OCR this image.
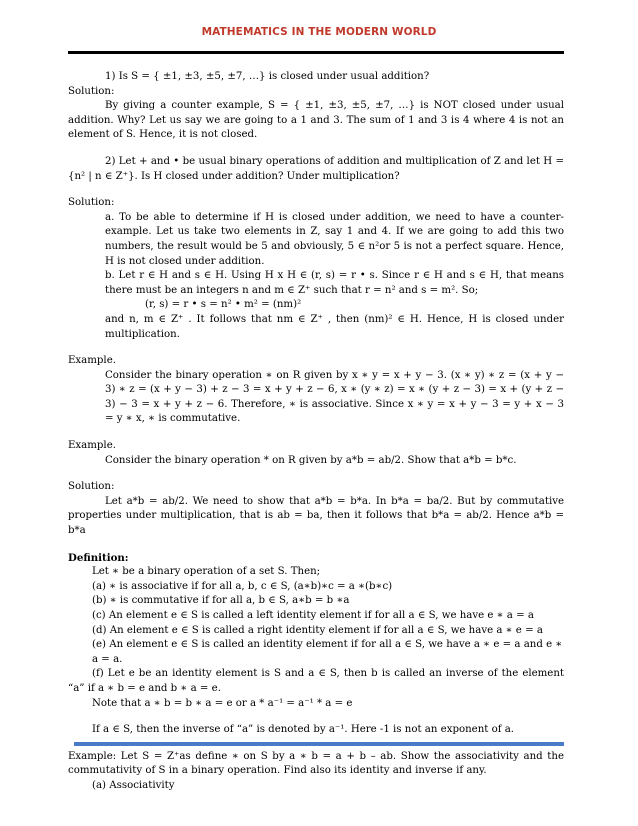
MATHEMATICS IN THE MODERN WORLD

1) Is S = { ±1, ±3, ±5, ±7, …} is closed under usual addition?

Solution:

By giving a counter example, S = { ±1, ±3, ±5, ±7, …} is NOT closed under usual addition. Why? Let us say we are going to a 1 and 3. The sum of 1 and 3 is 4 where 4 is not an element of S. Hence, it is not closed.

2) Let + and • be usual binary operations of addition and multiplication of Z and let H = {n² | n ∈ Z⁺}. Is H closed under addition? Under multiplication?

Solution:

a. To be able to determine if H is closed under addition, we need to have a counter-example. Let us take two elements in Z, say 1 and 4. If we are going to add this two numbers, the result would be 5 and obviously, 5 ∈ n²or 5 is not a perfect square. Hence, H is not closed under addition.

b. Let r ∈ H and s ∈ H. Using H x H ∈ (r, s) = r • s. Since r ∈ H and s ∈ H, that means there must be an integers n and m ∈ Z⁺ such that r = n² and s = m². So;

(r, s) = r • s = n² • m² = (nm)²

and n, m ∈ Z⁺ . It follows that nm ∈ Z⁺ , then (nm)² ∈ H. Hence, H is closed under multiplication.

Example.

Consider the binary operation ∗ on R given by x ∗ y = x + y − 3. (x ∗ y) ∗ z = (x + y − 3) ∗ z = (x + y − 3) + z − 3 = x + y + z − 6, x ∗ (y ∗ z) = x ∗ (y + z − 3) = x + (y + z − 3) − 3 = x + y + z − 6. Therefore, ∗ is associative. Since x ∗ y = x + y − 3 = y + x − 3 = y ∗ x, ∗ is commutative.

Example.

Consider the binary operation * on R given by a*b = ab/2. Show that a*b = b*c.

Solution:

Let a*b = ab/2. We need to show that a*b = b*a. In b*a = ba/2. But by commutative properties under multiplication, that is ab = ba, then it follows that b*a = ab/2. Hence a*b = b*a

Definition:

Let ∗ be a binary operation of a set S. Then;

(a) ∗ is associative if for all a, b, c ∈ S, (a∗b)∗c = a ∗(b∗c)

(b) ∗ is commutative if for all a, b ∈ S, a∗b = b ∗a

(c) An element e ∈ S is called a left identity element if for all a ∈ S, we have e ∗ a = a

(d) An element e ∈ S is called a right identity element if for all a ∈ S, we have a ∗ e = a

(e) An element e ∈ S is called an identity element if for all a ∈ S, we have a ∗ e = a and e ∗ a = a.

(f) Let e be an identity element is S and a ∈ S, then b is called an inverse of the element “a” if a ∗ b = e and b ∗ a = e.

Note that a ∗ b = b ∗ a = e or a * a⁻¹ = a⁻¹ * a = e

If a ∈ S, then the inverse of “a” is denoted by a⁻¹. Here -1 is not an exponent of a.

Example: Let S = Z⁺as define ∗ on S by a ∗ b = a + b – ab. Show the associativity and the commutativity of S in a binary operation. Find also its identity and inverse if any.

(a) Associativity
